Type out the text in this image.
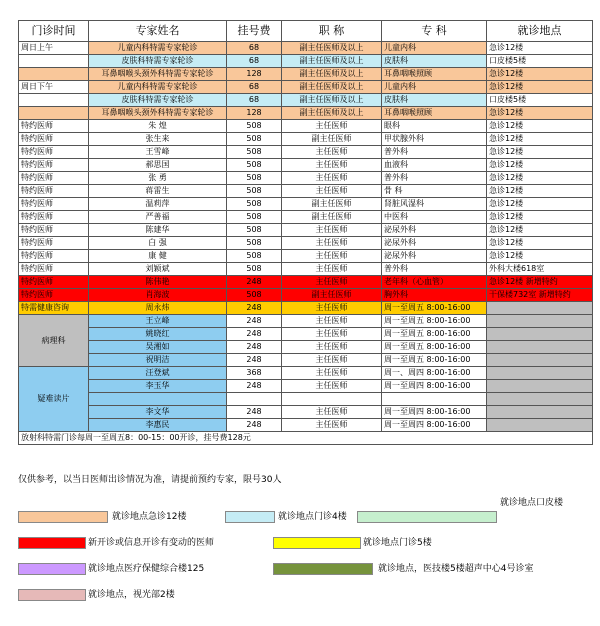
门诊时间	专家姓名	挂号费	职 称	专 科	就诊地点
周日上午	儿童内科特需专家轮诊	68	副主任医师及以上	儿童内科	急诊12楼
	皮肤科特需专家轮诊	68	副主任医师及以上	皮肤科	口皮楼5楼
	耳鼻咽喉头颈外科特需专家轮诊	128	副主任医师及以上	耳鼻咽喉照顾	急诊12楼
周日下午	儿童内科特需专家轮诊	68	副主任医师及以上	儿童内科	急诊12楼
	皮肤科特需专家轮诊	68	副主任医师及以上	皮肤科	口皮楼5楼
	耳鼻咽喉头颈外科特需专家轮诊	128	副主任医师及以上	耳鼻咽喉照顾	急诊12楼
特约医师	朱 煌	508	主任医师	眼科	急诊12楼
特约医师	张生来	508	副主任医师	甲状腺外科	急诊12楼
特约医师	王雪峰	508	主任医师	普外科	急诊12楼
特约医师	郝思国	508	主任医师	血液科	急诊12楼
特约医师	张 勇	508	主任医师	普外科	急诊12楼
特约医师	蒋雷生	508	主任医师	骨 科	急诊12楼
特约医师	温莉萍	508	副主任医师	肾脏风湿科	急诊12楼
特约医师	严善福	508	副主任医师	中医科	急诊12楼
特约医师	陈建华	508	主任医师	泌尿外科	急诊12楼
特约医师	白 强	508	主任医师	泌尿外科	急诊12楼
特约医师	康 健	508	主任医师	泌尿外科	急诊12楼
特约医师	刘颖斌	508	主任医师	普外科	外科大楼618室
特约医师	陈伟艳	248	主任医师	老年科（心血管）	急诊12楼 新增特约
特约医师	肖海波	508	副主任医师	胸外科	干保楼732室 新增特约
特需健康咨询	周永炜	248	主任医师	周一至周五 8:00-16:00	
病理科	王立峰	248	主任医师	周一至周五 8:00-16:00	
	姚晓红	248	主任医师	周一至周五 8:00-16:00	
	吴湘如	248	主任医师	周一至周五 8:00-16:00	
	祝明洁	248	主任医师	周一至周五 8:00-16:00	
疑难读片	汪登斌	368	主任医师	周一、周四 8:00-16:00	
	李玉华	248	主任医师	周一至周四 8:00-16:00	

	李文华	248	主任医师	周一至周四 8:00-16:00	
	李惠民	248	主任医师	周一至周四 8:00-16:00	
放射科特需门诊每周一至周五8：00-15：00开诊，挂号费128元					
仅供参考，以当日医师出诊情况为准，请提前预约专家，限号30人
就诊地点急诊12楼	就诊地点门诊4楼
就诊地点口皮楼
新开诊或信息开诊有变动的医师	就诊地点门诊5楼
就诊地点医疗保健综合楼125	就诊地点，医技楼5楼超声中心4号诊室
就诊地点，视光部2楼
